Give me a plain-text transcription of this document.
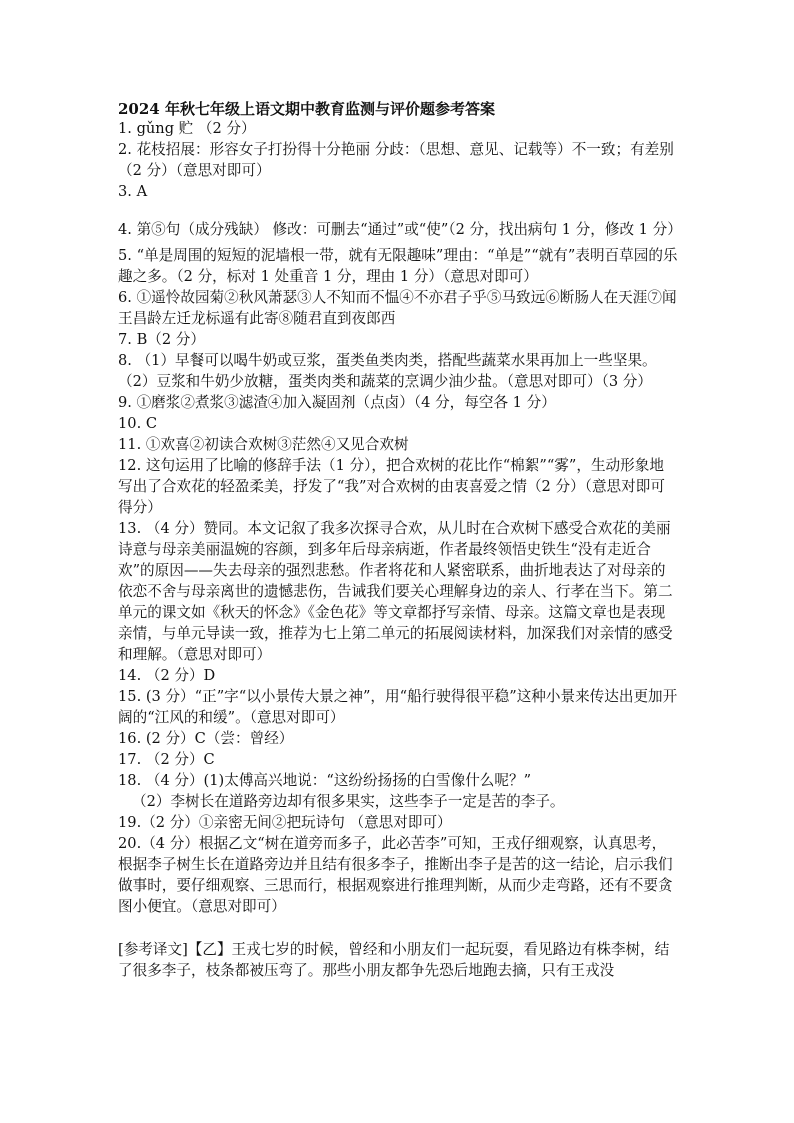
2024 年秋七年级上语文期中教育监测与评价题参考答案

1. gǔng 贮 （2 分）

2. 花枝招展：形容女子打扮得十分艳丽 分歧：（思想、意见、记载等）不一致；有差别 （2 分）（意思对即可）

3. A

4. 第⑤句（成分残缺） 修改：可删去“通过”或“使”（2 分，找出病句 1 分，修改 1 分）

5. “单是周围的短短的泥墙根一带，就有无限趣味”理由：“单是”“就有”表明百草园的乐趣之多。（2 分，标对 1 处重音 1 分，理由 1 分）（意思对即可）

6. ①遥怜故园菊②秋风萧瑟③人不知而不愠④不亦君子乎⑤马致远⑥断肠人在天涯⑦闻王昌龄左迁龙标遥有此寄⑧随君直到夜郎西

7. B（2 分）

8. （1）早餐可以喝牛奶或豆浆，蛋类鱼类肉类，搭配些蔬菜水果再加上一些坚果。（2）豆浆和牛奶少放糖，蛋类肉类和蔬菜的烹调少油少盐。（意思对即可）（3 分）

9. ①磨浆②煮浆③滤渣④加入凝固剂（点卤）（4 分，每空各 1 分）

10. C

11. ①欢喜②初读合欢树③茫然④又见合欢树

12. 这句运用了比喻的修辞手法（1 分），把合欢树的花比作“棉絮”“雾”，生动形象地写出了合欢花的轻盈柔美，抒发了“我”对合欢树的由衷喜爱之情（2 分）（意思对即可得分）

13. （4 分）赞同。本文记叙了我多次探寻合欢，从儿时在合欢树下感受合欢花的美丽诗意与母亲美丽温婉的容颜，到多年后母亲病逝，作者最终领悟史铁生“没有走近合欢”的原因——失去母亲的强烈悲愁。作者将花和人紧密联系，曲折地表达了对母亲的依恋不舍与母亲离世的遗憾悲伤，告诫我们要关心理解身边的亲人、行孝在当下。第二单元的课文如《秋天的怀念》《金色花》等文章都抒写亲情、母亲。这篇文章也是表现亲情，与单元导读一致，推荐为七上第二单元的拓展阅读材料，加深我们对亲情的感受和理解。（意思对即可）

14. （2 分）D

15. (3 分）“正”字“以小景传大景之神”，用“船行驶得很平稳”这种小景来传达出更加开阔的“江风的和缓”。（意思对即可）

16. (2 分）C（尝：曾经）

17. （2 分）C

18. （4 分）(1)太傅高兴地说：“这纷纷扬扬的白雪像什么呢？”

（2）李树长在道路旁边却有很多果实，这些李子一定是苦的李子。

19.（2 分）①亲密无间②把玩诗句 （意思对即可）

20.（4 分）根据乙文“树在道旁而多子，此必苦李”可知，王戎仔细观察，认真思考，根据李子树生长在道路旁边并且结有很多李子，推断出李子是苦的这一结论，启示我们做事时，要仔细观察、三思而行，根据观察进行推理判断，从而少走弯路，还有不要贪图小便宜。（意思对即可）

[参考译文]【乙】王戎七岁的时候，曾经和小朋友们一起玩耍，看见路边有株李树，结了很多李子，枝条都被压弯了。那些小朋友都争先恐后地跑去摘，只有王戎没
